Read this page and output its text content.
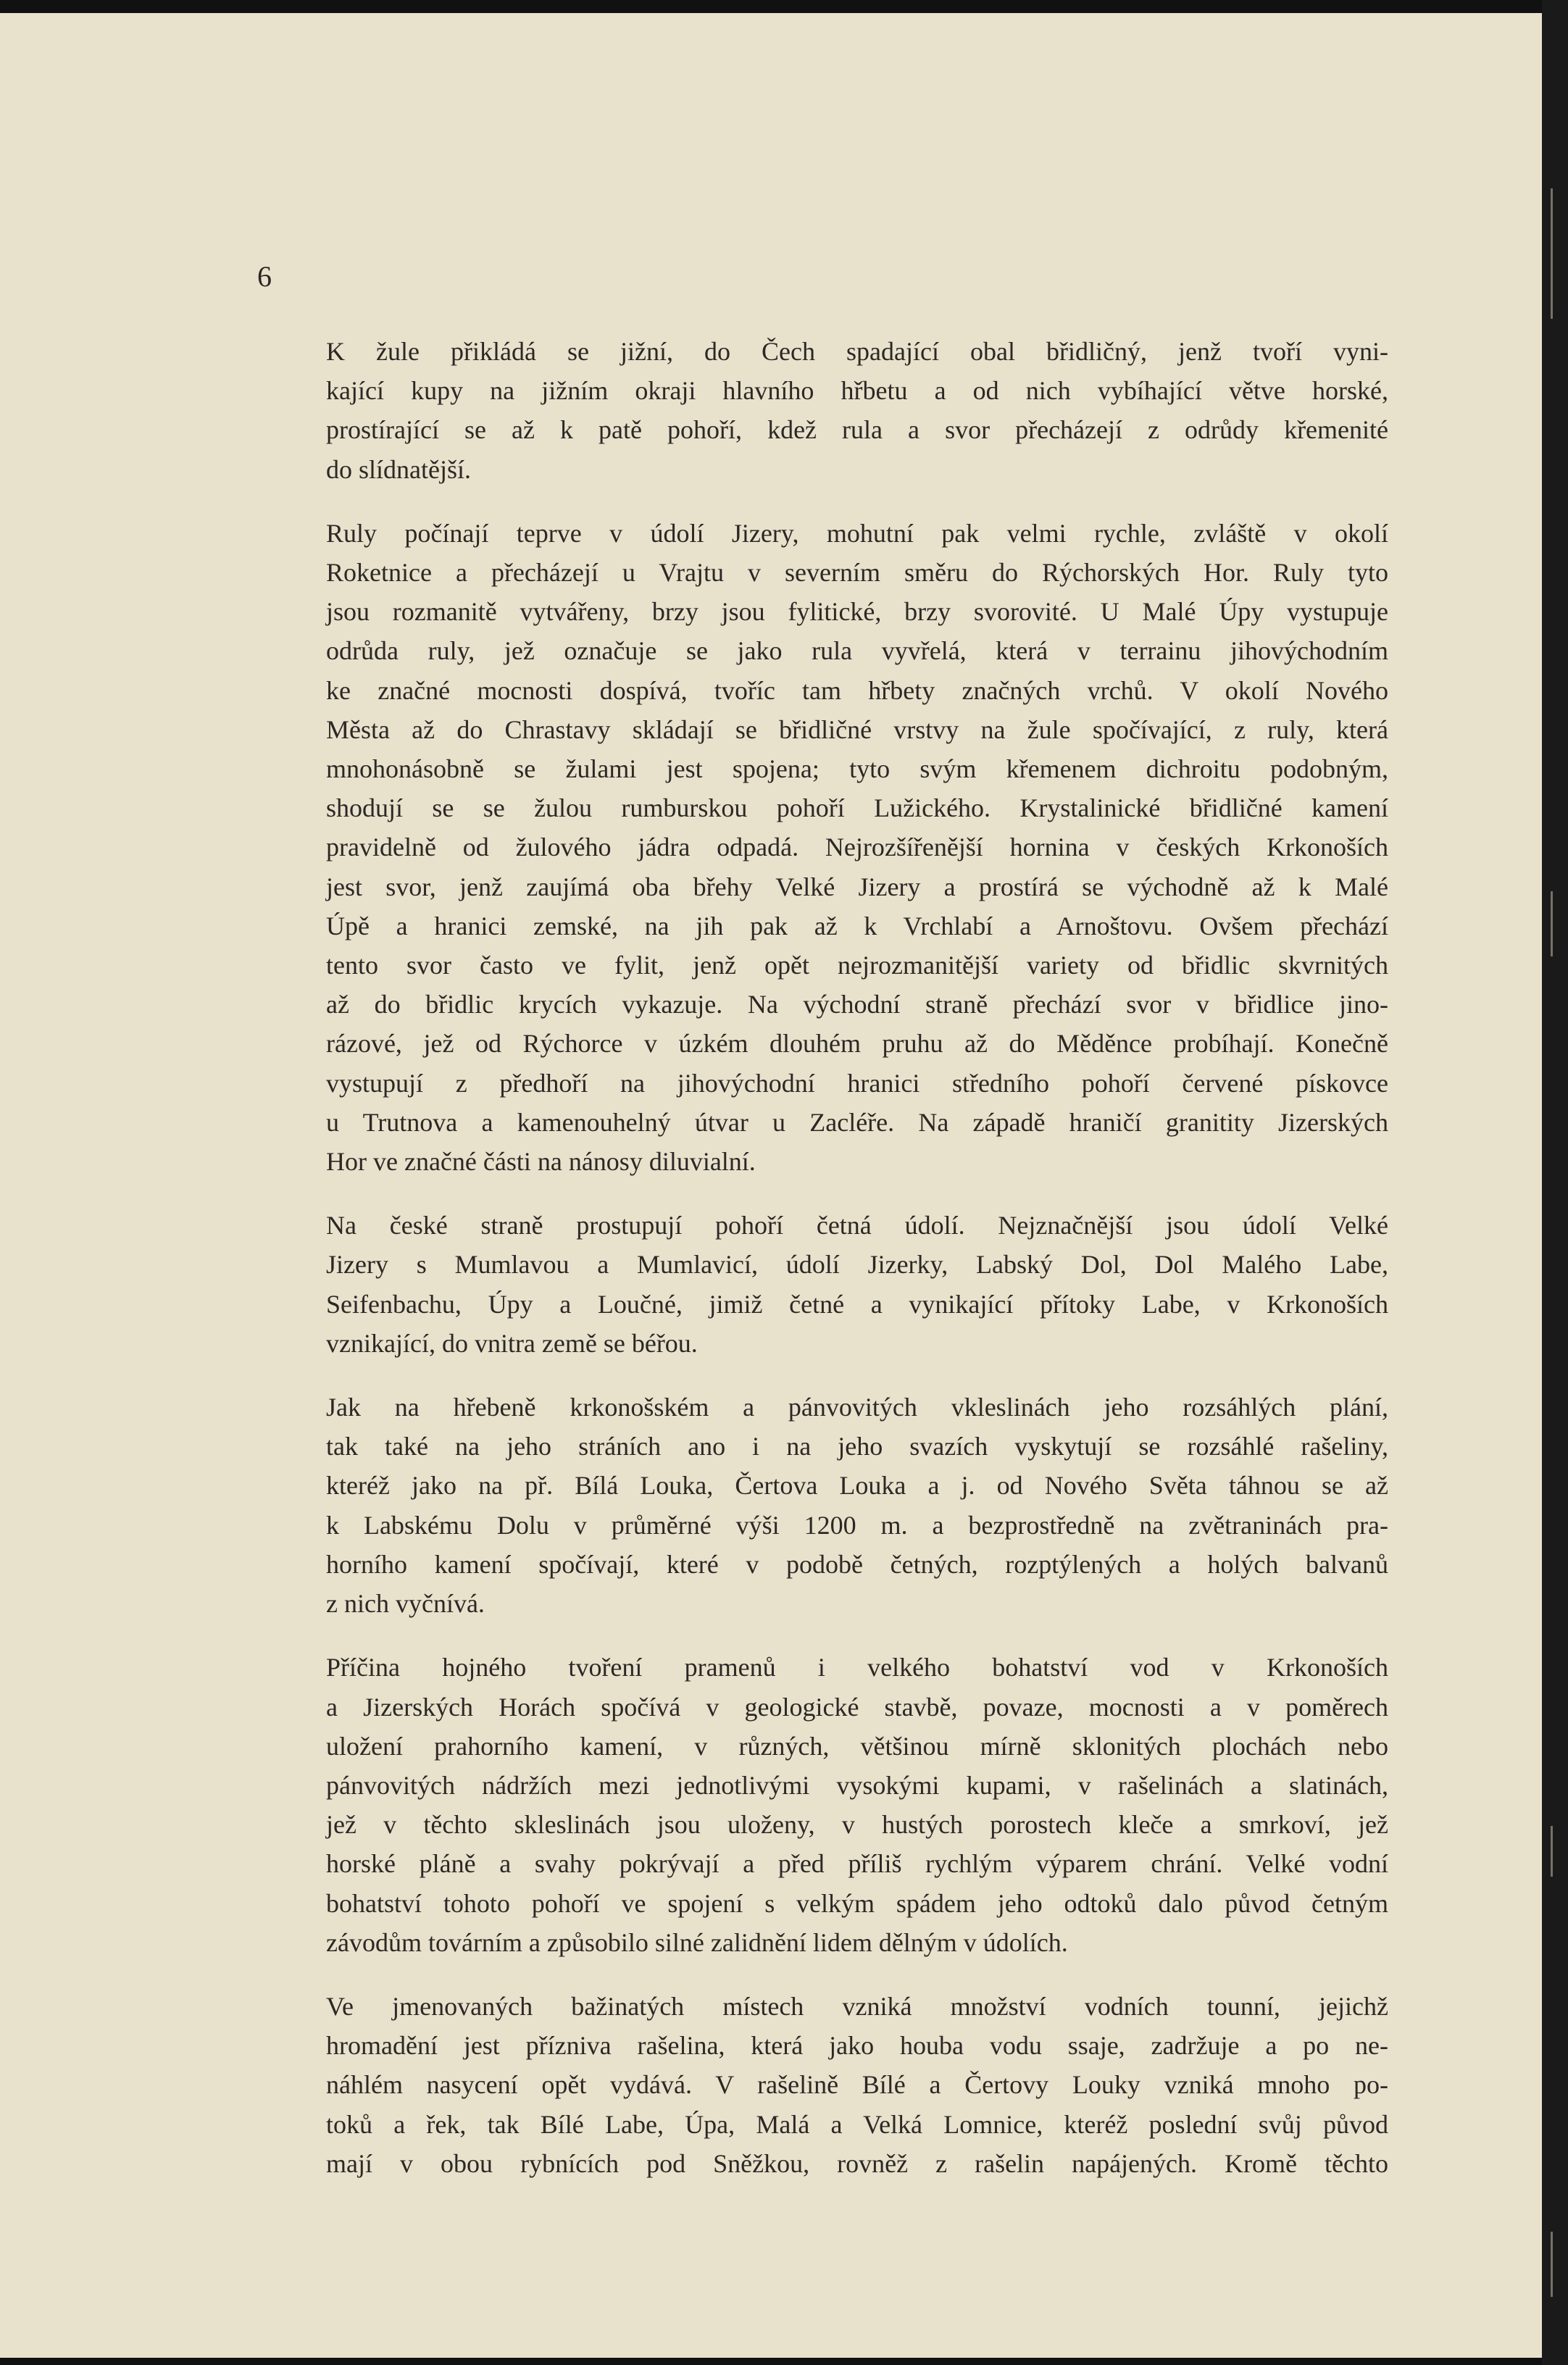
6

K žule přikládá se jižní, do Čech spadající obal břidličný, jenž tvoří vyni-
kající kupy na jižním okraji hlavního hřbetu a od nich vybíhající větve horské,
prostírající se až k patě pohoří, kdež rula a svor přecházejí z odrůdy křemenité
do slídnatější.

Ruly počínají teprve v údolí Jizery, mohutní pak velmi rychle, zvláště v okolí
Roketnice a přecházejí u Vrajtu v severním směru do Rýchorských Hor. Ruly tyto
jsou rozmanitě vytvářeny, brzy jsou fylitické, brzy svorovité. U Malé Úpy vystupuje
odrůda ruly, jež označuje se jako rula vyvřelá, která v terrainu jihovýchodním
ke značné mocnosti dospívá, tvoříc tam hřbety značných vrchů. V okolí Nového
Města až do Chrastavy skládají se břidličné vrstvy na žule spočívající, z ruly, která
mnohonásobně se žulami jest spojena; tyto svým křemenem dichroitu podobným,
shodují se se žulou rumburskou pohoří Lužického. Krystalinické břidličné kamení
pravidelně od žulového jádra odpadá. Nejrozšířenější hornina v českých Krkonoších
jest svor, jenž zaujímá oba břehy Velké Jizery a prostírá se východně až k Malé
Úpě a hranici zemské, na jih pak až k Vrchlabí a Arnoštovu. Ovšem přechází
tento svor často ve fylit, jenž opět nejrozmanitější variety od břidlic skvrnitých
až do břidlic krycích vykazuje. Na východní straně přechází svor v břidlice jino-
rázové, jež od Rýchorce v úzkém dlouhém pruhu až do Měděnce probíhají. Konečně
vystupují z předhoří na jihovýchodní hranici středního pohoří červené pískovce
u Trutnova a kamenouhelný útvar u Zacléře. Na západě hraničí granitity Jizerských
Hor ve značné části na nánosy diluvialní.

Na české straně prostupují pohoří četná údolí. Nejznačnější jsou údolí Velké
Jizery s Mumlavou a Mumlavicí, údolí Jizerky, Labský Dol, Dol Malého Labe,
Seifenbachu, Úpy a Loučné, jimiž četné a vynikající přítoky Labe, v Krkonoších
vznikající, do vnitra země se béřou.

Jak na hřebeně krkonošském a pánvovitých vkleslinách jeho rozsáhlých plání,
tak také na jeho stráních ano i na jeho svazích vyskytují se rozsáhlé rašeliny,
kteréž jako na př. Bílá Louka, Čertova Louka a j. od Nového Světa táhnou se až
k Labskému Dolu v průměrné výši 1200 m. a bezprostředně na zvětraninách pra-
horního kamení spočívají, které v podobě četných, rozptýlených a holých balvanů
z nich vyčnívá.

Příčina hojného tvoření pramenů i velkého bohatství vod v Krkonoších
a Jizerských Horách spočívá v geologické stavbě, povaze, mocnosti a v poměrech
uložení prahorního kamení, v různých, většinou mírně sklonitých plochách nebo
pánvovitých nádržích mezi jednotlivými vysokými kupami, v rašelinách a slatinách,
jež v těchto skleslinách jsou uloženy, v hustých porostech kleče a smrkoví, jež
horské pláně a svahy pokrývají a před příliš rychlým výparem chrání. Velké vodní
bohatství tohoto pohoří ve spojení s velkým spádem jeho odtoků dalo původ četným
závodům továrním a způsobilo silné zalidnění lidem dělným v údolích.

Ve jmenovaných bažinatých místech vzniká množství vodních tounní, jejichž
hromadění jest příznivа rašelina, která jako houba vodu ssaje, zadržuje a po ne-
náhlém nasycení opět vydává. V rašelině Bílé a Čertovy Louky vzniká mnoho po-
toků a řek, tak Bílé Labe, Úpa, Malá a Velká Lomnice, kteréž poslední svůj původ
mají v obou rybnících pod Sněžkou, rovněž z rašelin napájených. Kromě těchto
